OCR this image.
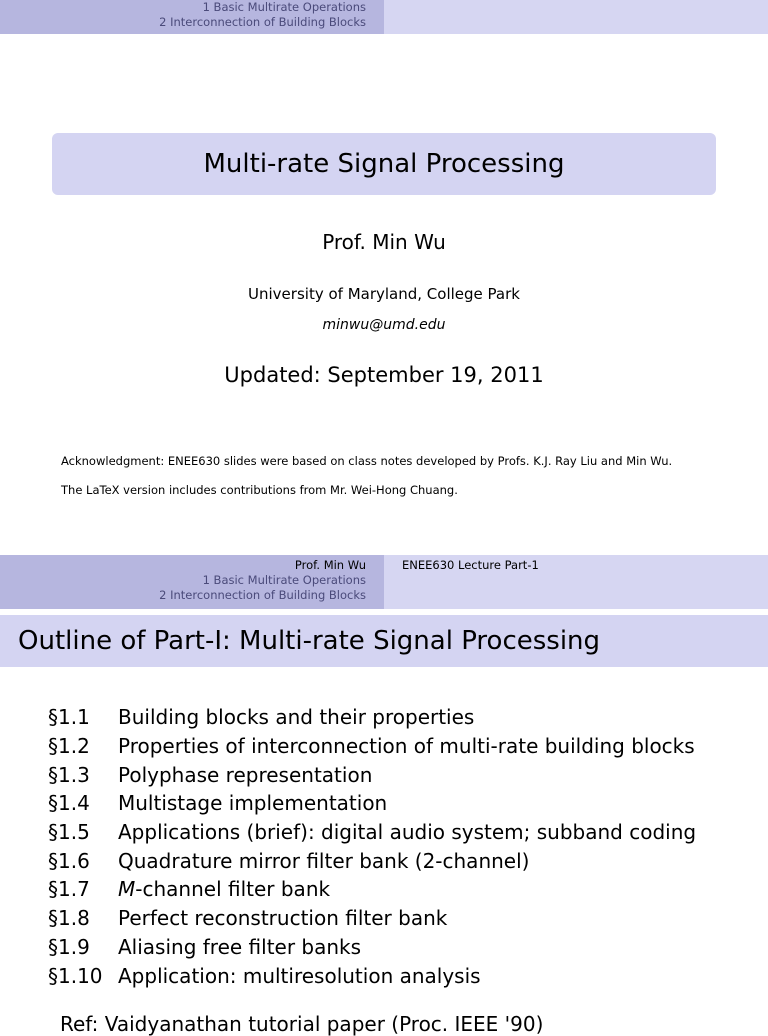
1 Basic Multirate Operations
2 Interconnection of Building Blocks
Multi-rate Signal Processing
Prof. Min Wu
University of Maryland, College Park
minwu@umd.edu
Updated: September 19, 2011
Acknowledgment: ENEE630 slides were based on class notes developed by Profs. K.J. Ray Liu and Min Wu.
The LaTeX version includes contributions from Mr. Wei-Hong Chuang.
Prof. Min Wu
1 Basic Multirate Operations
2 Interconnection of Building Blocks
ENEE630 Lecture Part-1
Outline of Part-I: Multi-rate Signal Processing
§1.1	Building blocks and their properties
§1.2	Properties of interconnection of multi-rate building blocks
§1.3	Polyphase representation
§1.4	Multistage implementation
§1.5	Applications (brief): digital audio system; subband coding
§1.6	Quadrature mirror filter bank (2-channel)
§1.7	M-channel filter bank
§1.8	Perfect reconstruction filter bank
§1.9	Aliasing free filter banks
§1.10 Application: multiresolution analysis
Ref: Vaidyanathan tutorial paper (Proc. IEEE '90)
